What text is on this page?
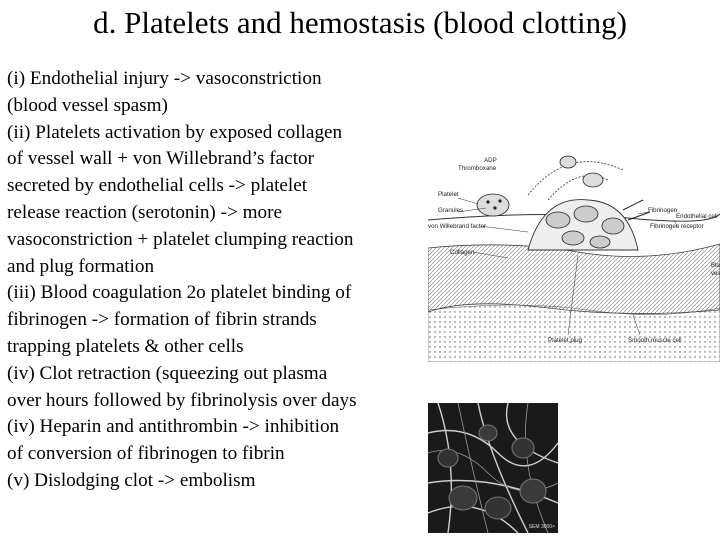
d. Platelets and hemostasis (blood clotting)

(i) Endothelial injury -> vasoconstriction
(blood vessel spasm)

(ii) Platelets activation by exposed collagen
of vessel wall + von Willebrand’s factor
secreted by endothelial cells -> platelet
release reaction (serotonin) -> more
vasoconstriction + platelet clumping reaction
and plug formation

(iii) Blood coagulation 2o platelet binding of
fibrinogen -> formation of fibrin strands
trapping platelets & other cells

(iv) Clot retraction (squeezing out plasma
over hours followed by fibrinolysis over days

(iv) Heparin and antithrombin -> inhibition
of conversion of fibrinogen to fibrin

(v) Dislodging clot -> embolism

ADP
Thromboxane
Platelet
Granules
von Willebrand factor
Collagen
Fibrinogen
Fibrinogen receptor
Endothelial cell
Platelet plug	Smooth muscle cell
Blo
ves
SEM 3000×
